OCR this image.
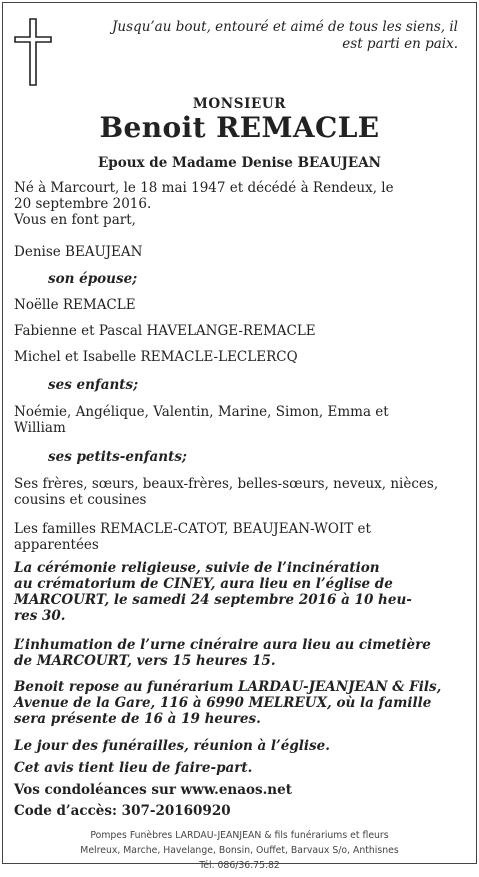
Jusqu’au bout, entouré et aimé de tous les siens, il
est parti en paix.
MONSIEUR
Benoit REMACLE
Epoux de Madame Denise BEAUJEAN
Né à Marcourt, le 18 mai 1947 et décédé à Rendeux, le
20 septembre 2016.
Vous en font part,
Denise BEAUJEAN
son épouse;
Noëlle REMACLE
Fabienne et Pascal HAVELANGE-REMACLE
Michel et Isabelle REMACLE-LECLERCQ
ses enfants;
Noémie, Angélique, Valentin, Marine, Simon, Emma et
William
ses petits-enfants;
Ses frères, sœurs, beaux-frères, belles-sœurs, neveux, nièces,
cousins et cousines
Les familles REMACLE-CATOT, BEAUJEAN-WOIT et
apparentées
La cérémonie religieuse, suivie de l’incinération
au crématorium de CINEY, aura lieu en l’église de
MARCOURT, le samedi 24 septembre 2016 à 10 heu-
res 30.
L’inhumation de l’urne cinéraire aura lieu au cimetière
de MARCOURT, vers 15 heures 15.
Benoit repose au funérarium LARDAU-JEANJEAN & Fils,
Avenue de la Gare, 116 à 6990 MELREUX, où la famille
sera présente de 16 à 19 heures.
Le jour des funérailles, réunion à l’église.
Cet avis tient lieu de faire-part.
Vos condoléances sur www.enaos.net
Code d’accès: 307-20160920
Pompes Funèbres LARDAU-JEANJEAN & fils funérariums et fleurs
Melreux, Marche, Havelange, Bonsin, Ouffet, Barvaux S/o, Anthisnes
Tél. 086/36.75.82
